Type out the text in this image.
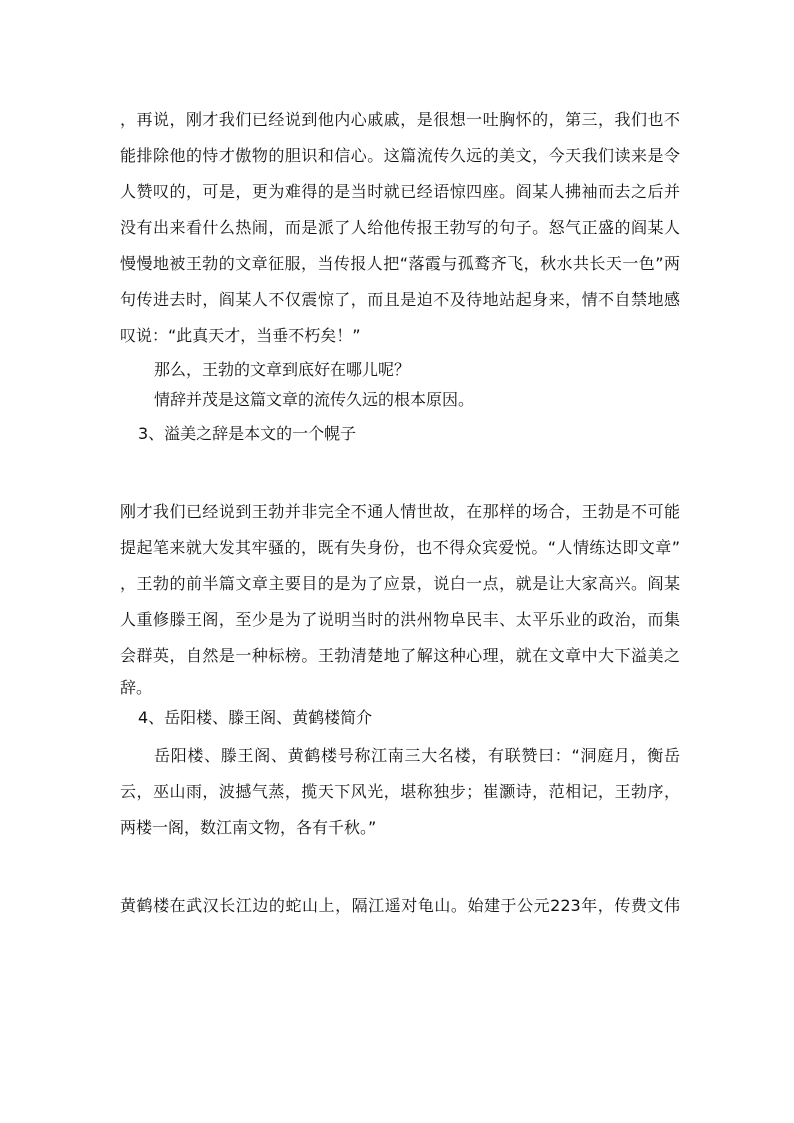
，再说，刚才我们已经说到他内心戚戚，是很想一吐胸怀的，第三，我们也不
能排除他的恃才傲物的胆识和信心。这篇流传久远的美文，今天我们读来是令
人赞叹的，可是，更为难得的是当时就已经语惊四座。阎某人拂袖而去之后并
没有出来看什么热闹，而是派了人给他传报王勃写的句子。怒气正盛的阎某人
慢慢地被王勃的文章征服，当传报人把“落霞与孤鹜齐飞，秋水共长天一色”两
句传进去时，阎某人不仅震惊了，而且是迫不及待地站起身来，情不自禁地感
叹说：“此真天才，当垂不朽矣！”
那么，王勃的文章到底好在哪儿呢？
情辞并茂是这篇文章的流传久远的根本原因。
3、溢美之辞是本文的一个幌子
刚才我们已经说到王勃并非完全不通人情世故，在那样的场合，王勃是不可能
提起笔来就大发其牢骚的，既有失身份，也不得众宾爱悦。“人情练达即文章”
，王勃的前半篇文章主要目的是为了应景，说白一点，就是让大家高兴。阎某
人重修滕王阁，至少是为了说明当时的洪州物阜民丰、太平乐业的政治，而集
会群英，自然是一种标榜。王勃清楚地了解这种心理，就在文章中大下溢美之
辞。
4、岳阳楼、滕王阁、黄鹤楼简介
岳阳楼、滕王阁、黄鹤楼号称江南三大名楼，有联赞曰：“洞庭月，衡岳
云，巫山雨，波撼气蒸，揽天下风光，堪称独步；崔灏诗，范相记，王勃序，
两楼一阁，数江南文物，各有千秋。”
黄鹤楼在武汉长江边的蛇山上，隔江遥对龟山。始建于公元223年，传费文伟
